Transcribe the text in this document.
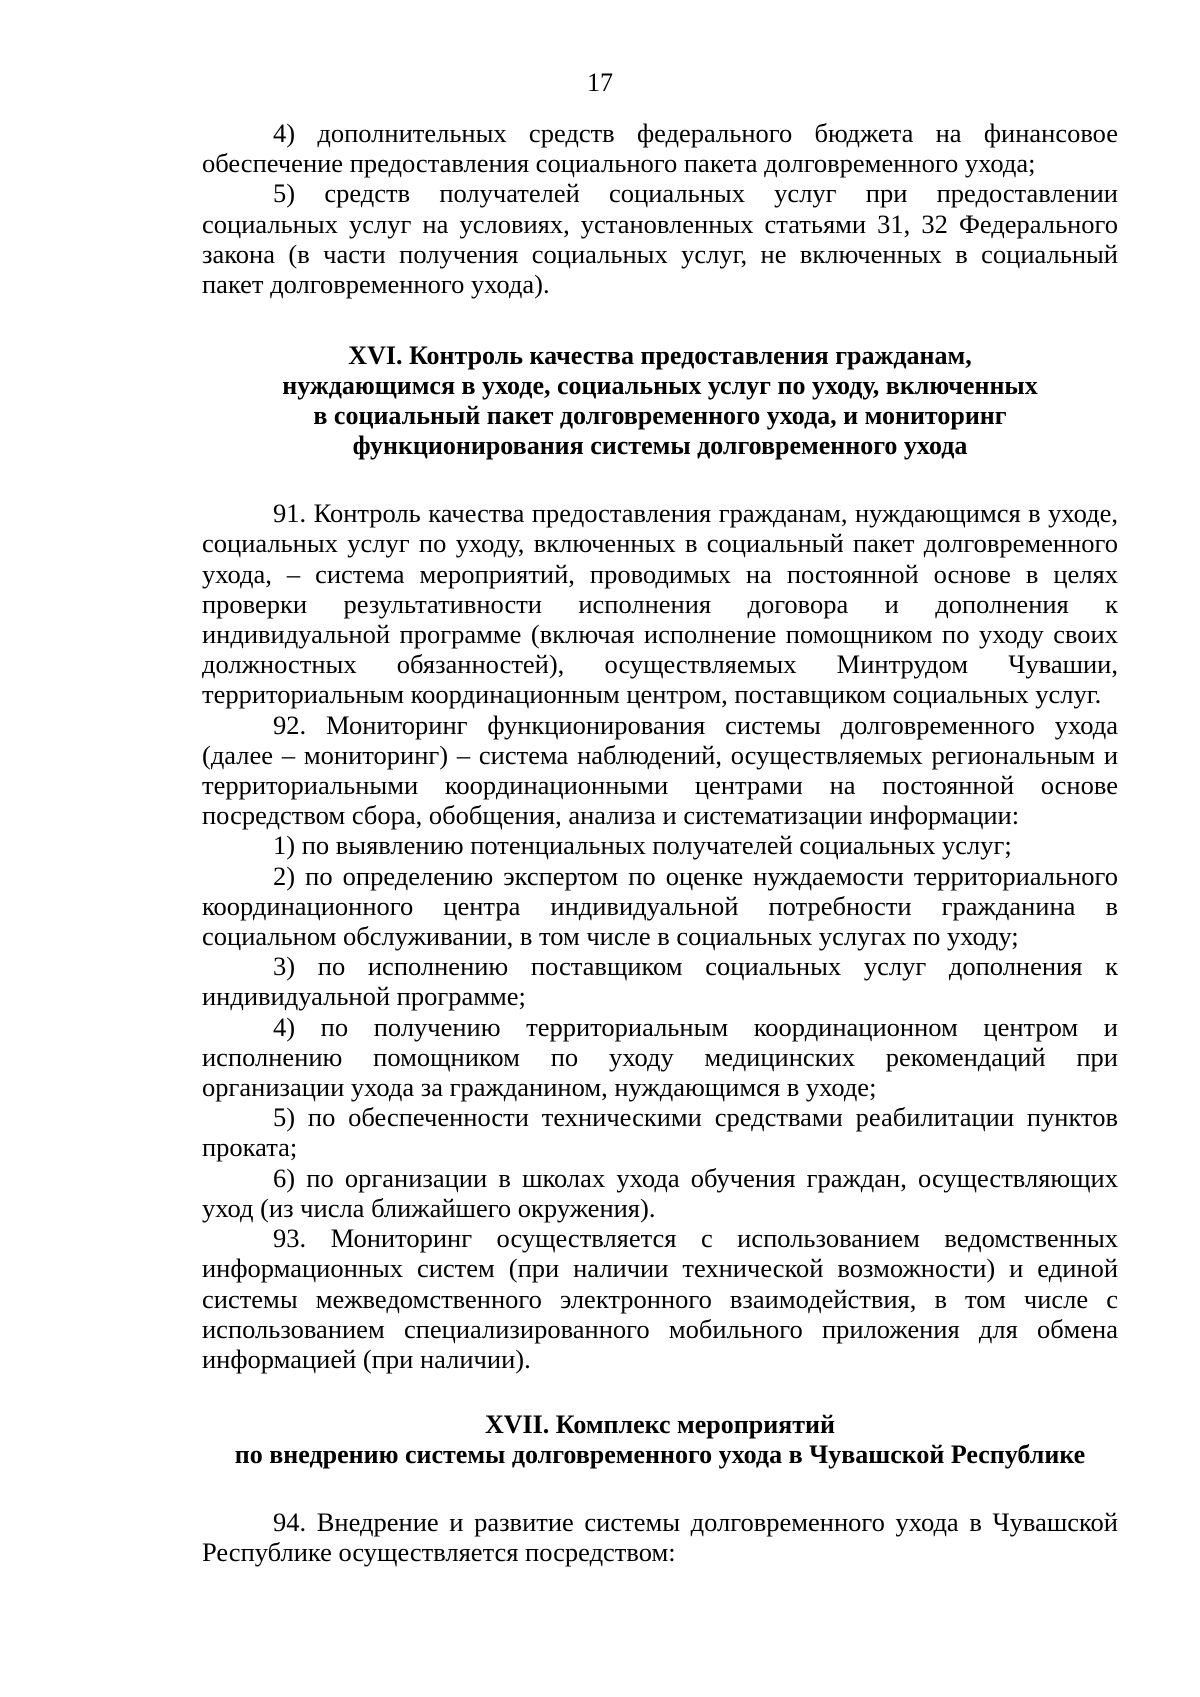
17

4) дополнительных средств федерального бюджета на финансовое обеспечение предоставления социального пакета долговременного ухода;

5) средств получателей социальных услуг при предоставлении социальных услуг на условиях, установленных статьями 31, 32 Федерального закона (в части получения социальных услуг, не включенных в социальный пакет долговременного ухода).

XVI. Контроль качества предоставления гражданам,
нуждающимся в уходе, социальных услуг по уходу, включенных
в социальный пакет долговременного ухода, и мониторинг
функционирования системы долговременного ухода

91. Контроль качества предоставления гражданам, нуждающимся в уходе, социальных услуг по уходу, включенных в социальный пакет долговременного ухода, – система мероприятий, проводимых на постоянной основе в целях проверки результативности исполнения договора и дополнения к индивидуальной программе (включая исполнение помощником по уходу своих должностных обязанностей), осуществляемых Минтрудом Чувашии, территориальным координационным центром, поставщиком социальных услуг.

92. Мониторинг функционирования системы долговременного ухода (далее – мониторинг) – система наблюдений, осуществляемых региональным и территориальными координационными центрами на постоянной основе посредством сбора, обобщения, анализа и систематизации информации:

1) по выявлению потенциальных получателей социальных услуг;

2) по определению экспертом по оценке нуждаемости территориального координационного центра индивидуальной потребности гражданина в социальном обслуживании, в том числе в социальных услугах по уходу;

3) по исполнению поставщиком социальных услуг дополнения к индивидуальной программе;

4) по получению территориальным координационном центром и исполнению помощником по уходу медицинских рекомендаций при организации ухода за гражданином, нуждающимся в уходе;

5) по обеспеченности техническими средствами реабилитации пунктов проката;

6) по организации в школах ухода обучения граждан, осуществляющих уход (из числа ближайшего окружения).

93. Мониторинг осуществляется с использованием ведомственных информационных систем (при наличии технической возможности) и единой системы межведомственного электронного взаимодействия, в том числе с использованием специализированного мобильного приложения для обмена информацией (при наличии).

XVII. Комплекс мероприятий
по внедрению системы долговременного ухода в Чувашской Республике

94. Внедрение и развитие системы долговременного ухода в Чувашской Республике осуществляется посредством:
